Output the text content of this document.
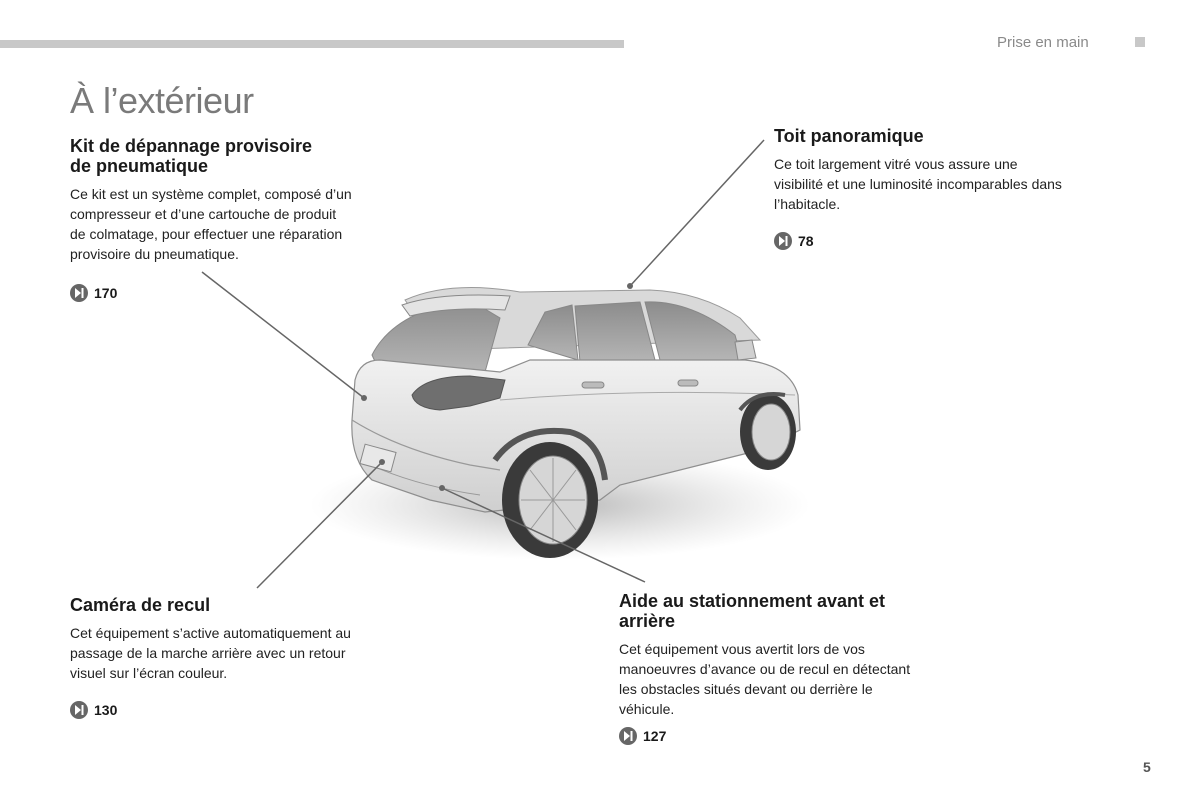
Prise en main
À l’extérieur
Kit de dépannage provisoire
de pneumatique

Ce kit est un système complet, composé d’un
compresseur et d’une cartouche de produit
de colmatage, pour effectuer une réparation
provisoire du pneumatique.

170
Toit panoramique

Ce toit largement vitré vous assure une
visibilité et une luminosité incomparables dans
l’habitacle.

78
Caméra de recul

Cet équipement s’active automatiquement au
passage de la marche arrière avec un retour
visuel sur l’écran couleur.

130
Aide au stationnement avant et
arrière

Cet équipement vous avertit lors de vos
manoeuvres d’avance ou de recul en détectant
les obstacles situés devant ou derrière le
véhicule.

127
5
